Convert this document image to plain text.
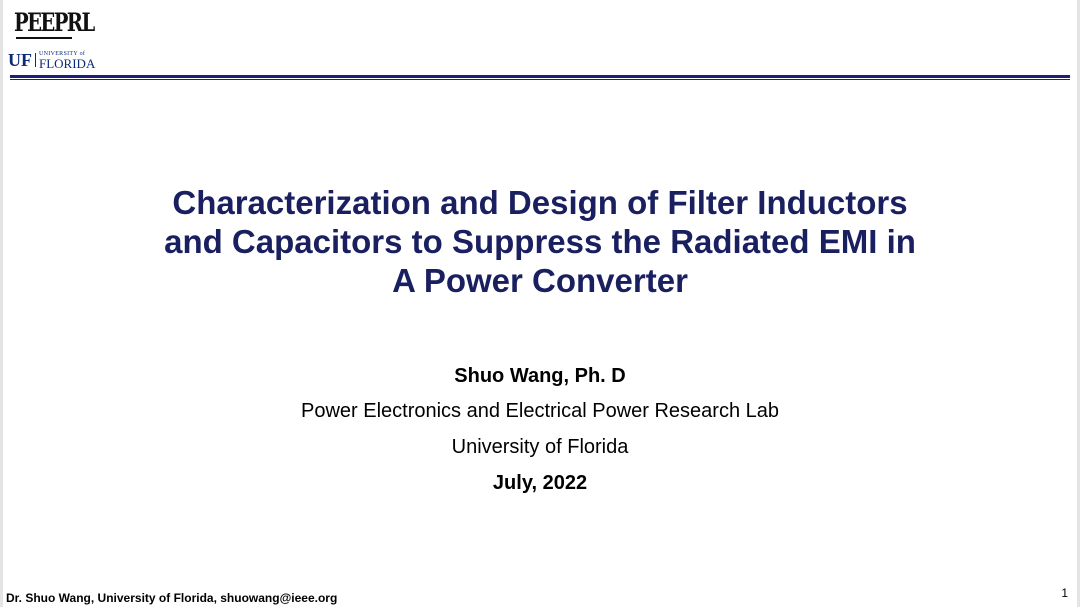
PEEPRL
UF UNIVERSITY of
FLORIDA
Characterization and Design of Filter Inductors
and Capacitors to Suppress the Radiated EMI in
A Power Converter
Shuo Wang, Ph. D
Power Electronics and Electrical Power Research Lab
University of Florida
July, 2022
Dr. Shuo Wang, University of Florida, shuowang@ieee.org	1
